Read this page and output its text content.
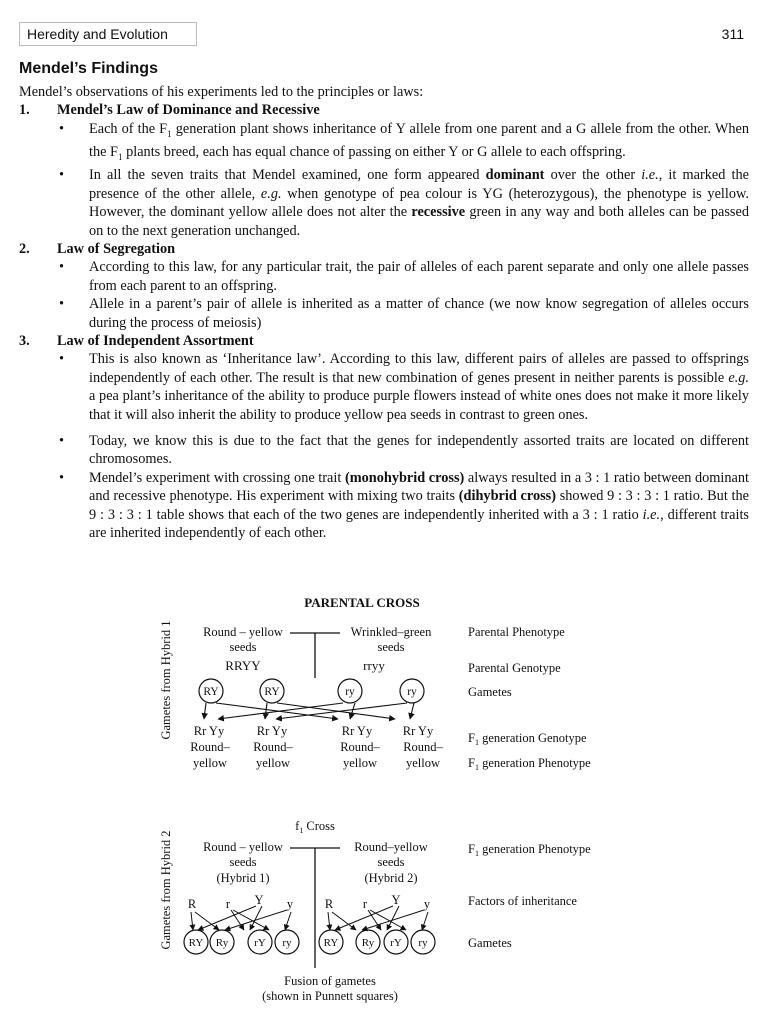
Heredity and Evolution	311
Mendel’s Findings

Mendel’s observations of his experiments led to the principles or laws:

1.	Mendel’s Law of Dominance and Recessive
• Each of the $F_1$ generation plant shows inheritance of Y allele from one parent and a G allele from the other. When the $F_1$ plants breed, each has equal chance of passing on either Y or G allele to each offspring.
• In all the seven traits that Mendel examined, one form appeared dominant over the other i.e., it marked the presence of the other allele, e.g. when genotype of pea colour is YG (heterozygous), the phenotype is yellow. However, the dominant yellow allele does not alter the recessive green in any way and both alleles can be passed on to the next generation unchanged.
2.	Law of Segregation
• According to this law, for any particular trait, the pair of alleles of each parent separate and only one allele passes from each parent to an offspring.
• Allele in a parent’s pair of allele is inherited as a matter of chance (we now know segregation of alleles occurs during the process of meiosis)
3.	Law of Independent Assortment
• This is also known as ‘Inheritance law’. According to this law, different pairs of alleles are passed to offsprings independently of each other. The result is that new combination of genes present in neither parents is possible e.g. a pea plant’s inheritance of the ability to produce purple flowers instead of white ones does not make it more likely that it will also inherit the ability to produce yellow pea seeds in contrast to green ones.
• Today, we know this is due to the fact that the genes for independently assorted traits are located on different chromosomes.
• Mendel’s experiment with crossing one trait (monohybrid cross) always resulted in a 3 : 1 ratio between dominant and recessive phenotype. His experiment with mixing two traits (dihybrid cross) showed 9 : 3 : 3 : 1 ratio. But the 9 : 3 : 3 : 1 table shows that each of the two genes are independently inherited with a 3 : 1 ratio i.e., different traits are inherited independently of each other.
PARENTAL CROSS
Gametes from Hybrid 1 Round – yellow
seeds
Wrinkled–green
seeds
RRYY	rryy
RY	RY	ry	ry
Rr Yy	Rr Yy	Rr Yy Rr Yy
Round–
yellow
Round–
yellow
Round–
yellow
Round–
yellow
Parental Phenotype
Parental Genotype
Gametes
$F_1$ generation Genotype
$F_1$ generation Phenotype
$f_1$ Cross
Gametes from Hybrid 2 Round – yellow
seeds
(Hybrid 1)
Round–yellow
seeds
(Hybrid 2)
R r Y y	R r Y y
RY Ry rY ry	RY Ry rY ry
$F_1$ generation Phenotype
Factors of inheritance
Gametes
Fusion of gametes
(shown in Punnett squares)
